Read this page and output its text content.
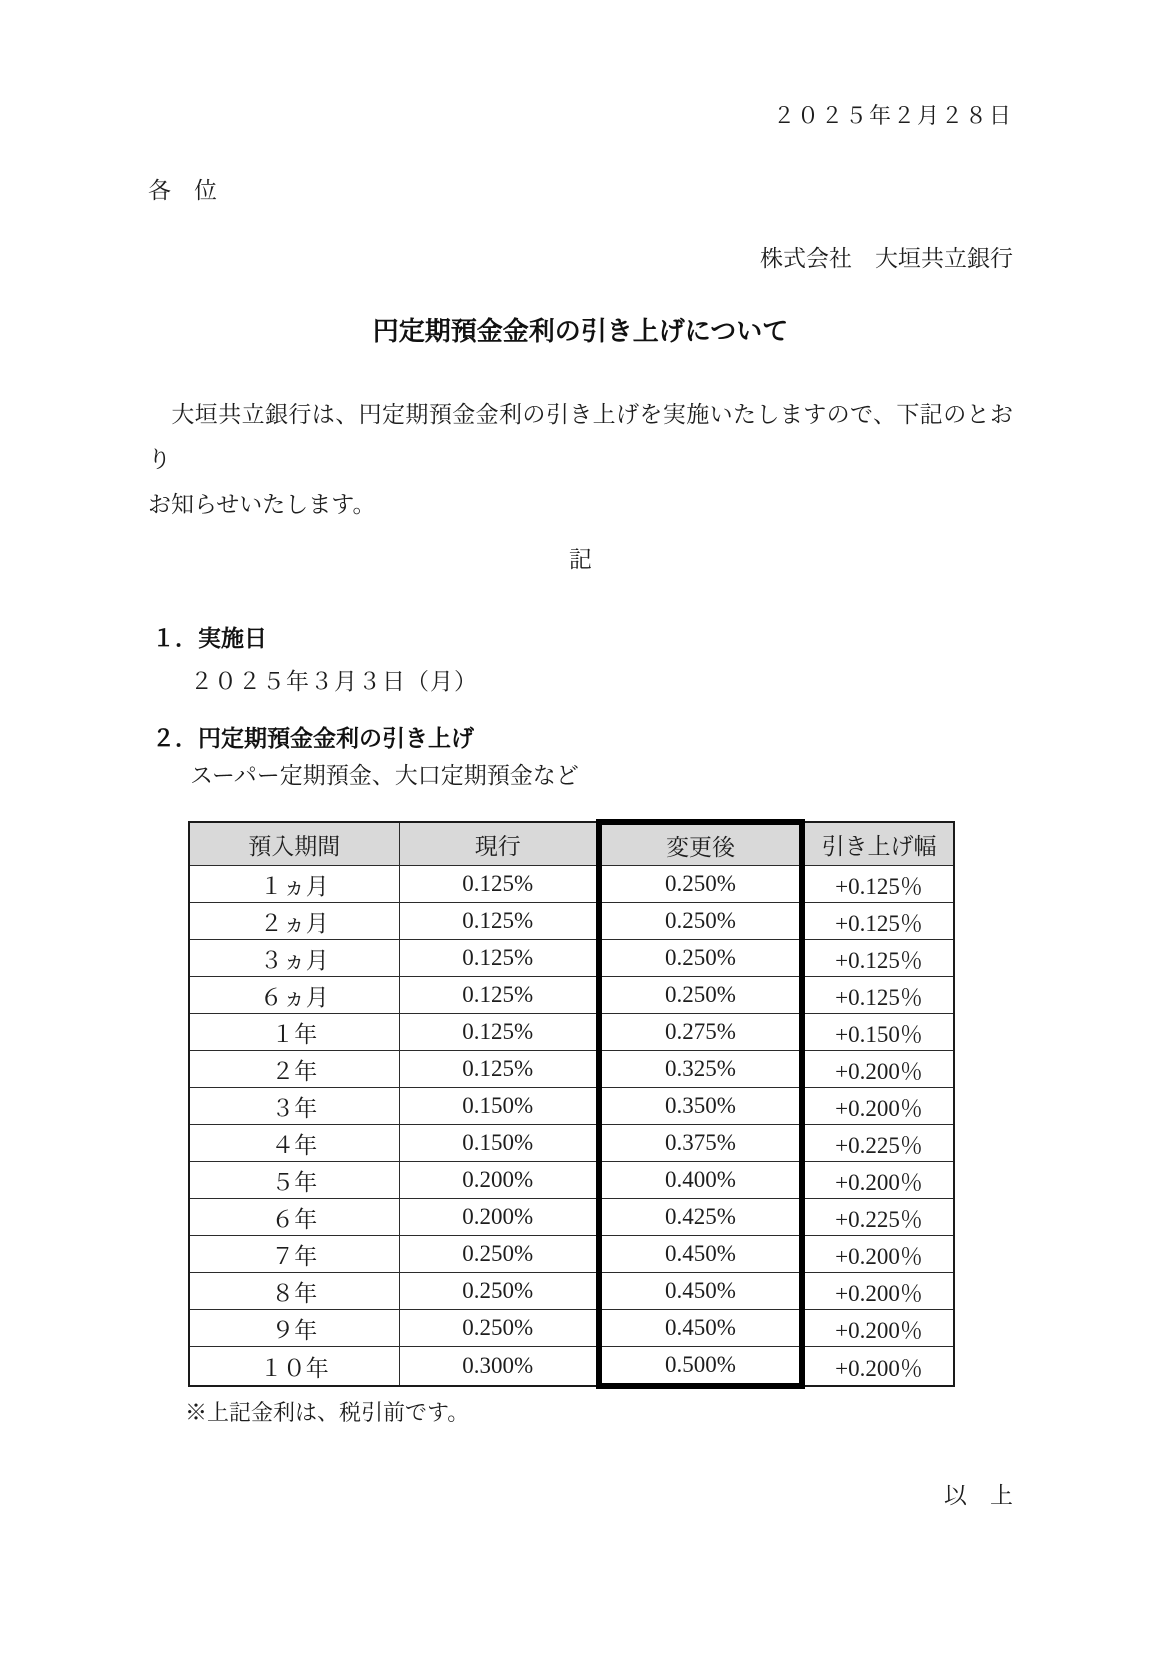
２０２５年２月２８日
各　位
株式会社　大垣共立銀行
円定期預金金利の引き上げについて
　大垣共立銀行は、円定期預金金利の引き上げを実施いたしますので、下記のとおり
お知らせいたします。
記
１．実施日
２０２５年３月３日（月）
２．円定期預金金利の引き上げ
スーパー定期預金、大口定期預金など
預入期間	現行	変更後	引き上げ幅
１ヵ月	0.125%	0.250%	+0.125％
２ヵ月	0.125%	0.250%	+0.125％
３ヵ月	0.125%	0.250%	+0.125％
６ヵ月	0.125%	0.250%	+0.125％
１年	0.125%	0.275%	+0.150％
２年	0.125%	0.325%	+0.200％
３年	0.150%	0.350%	+0.200％
４年	0.150%	0.375%	+0.225％
５年	0.200%	0.400%	+0.200％
６年	0.200%	0.425%	+0.225％
７年	0.250%	0.450%	+0.200％
８年	0.250%	0.450%	+0.200％
９年	0.250%	0.450%	+0.200％
１０年	0.300%	0.500%	+0.200％
※上記金利は、税引前です。
以　上
